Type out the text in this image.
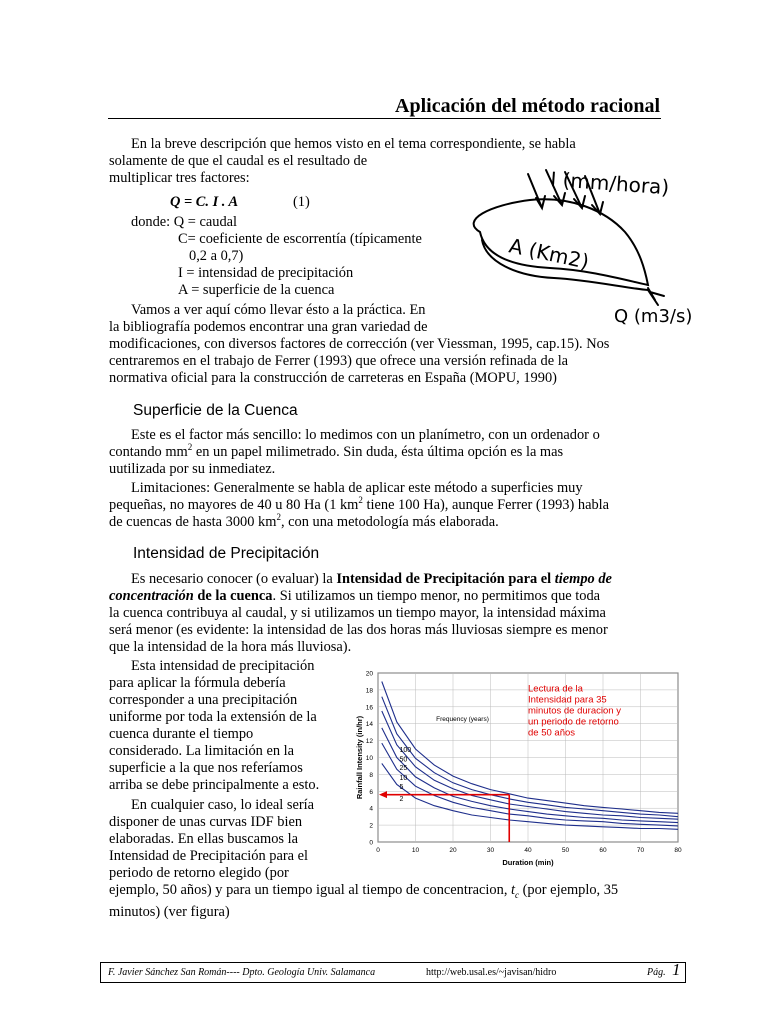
Aplicación del método racional

En la breve descripción que hemos visto en el tema correspondiente, se habla

solamente de que el caudal es el resultado de

multiplicar tres factores:

Q = C. I . A	(1)

donde: Q = caudal

C= coeficiente de escorrentía (típicamente

0,2 a 0,7)

I = intensidad de precipitación

A = superficie de la cuenca

Vamos a ver aquí cómo llevar ésto a la práctica. En

la bibliografía podemos encontrar una gran variedad de

modificaciones, con diversos factores de corrección (ver Viessman, 1995, cap.15). Nos

centraremos en el trabajo de Ferrer (1993) que ofrece una versión refinada de la

normativa oficial para la construcción de carreteras en España (MOPU, 1990)

I (mm/hora)
A (Km2)
Q (m3/s)
Superficie de la Cuenca

Este es el factor más sencillo: lo medimos con un planímetro, con un ordenador o

contando $mm^2$ en un papel milimetrado. Sin duda, ésta última opción es la mas

uutilizada por su inmediatez.

Limitaciones: Generalmente se habla de aplicar este método a superficies muy

pequeñas, no mayores de 40 u 80 Ha (1 $km^2$ tiene 100 Ha), aunque Ferrer (1993) habla

de cuencas de hasta 3000 $km^2$, con una metodología más elaborada.

Intensidad de Precipitación

Es necesario conocer (o evaluar) la Intensidad de Precipitación para el tiempo de

concentración de la cuenca. Si utilizamos un tiempo menor, no permitimos que toda

la cuenca contribuya al caudal, y si utilizamos un tiempo mayor, la intensidad máxima

será menor (es evidente: la intensidad de las dos horas más lluviosas siempre es menor

que la intensidad de la hora más lluviosa).

Esta intensidad de precipitación

para aplicar la fórmula debería

corresponder a una precipitación

uniforme por toda la extensión de la

cuenca durante el tiempo

considerado. La limitación en la

superficie a la que nos referíamos

arriba se debe principalmente a esto.

En cualquier caso, lo ideal sería

disponer de unas curvas IDF bien

elaboradas. En ellas buscamos la

Intensidad de Precipitación para el

periodo de retorno elegido (por

ejemplo, 50 años) y para un tiempo igual al tiempo de concentracion, $t_c$ (por ejemplo, 35

minutos) (ver figura)

0
2
4
6
8
10
12
14
16
18
20
0	10	20	30	40	50	60	70	80
100
50
25
10
5
2
Frequency (years)
Duration (min)
Rainfall Intensity (in/hr)
Lectura de la
Intensidad para 35
minutos de duracion y
un periodo de retorno
de 50 años
F. Javier Sánchez San Román---- Dpto. Geología Univ. Salamanca	http://web.usal.es/~javisan/hidro	Pág. 1
